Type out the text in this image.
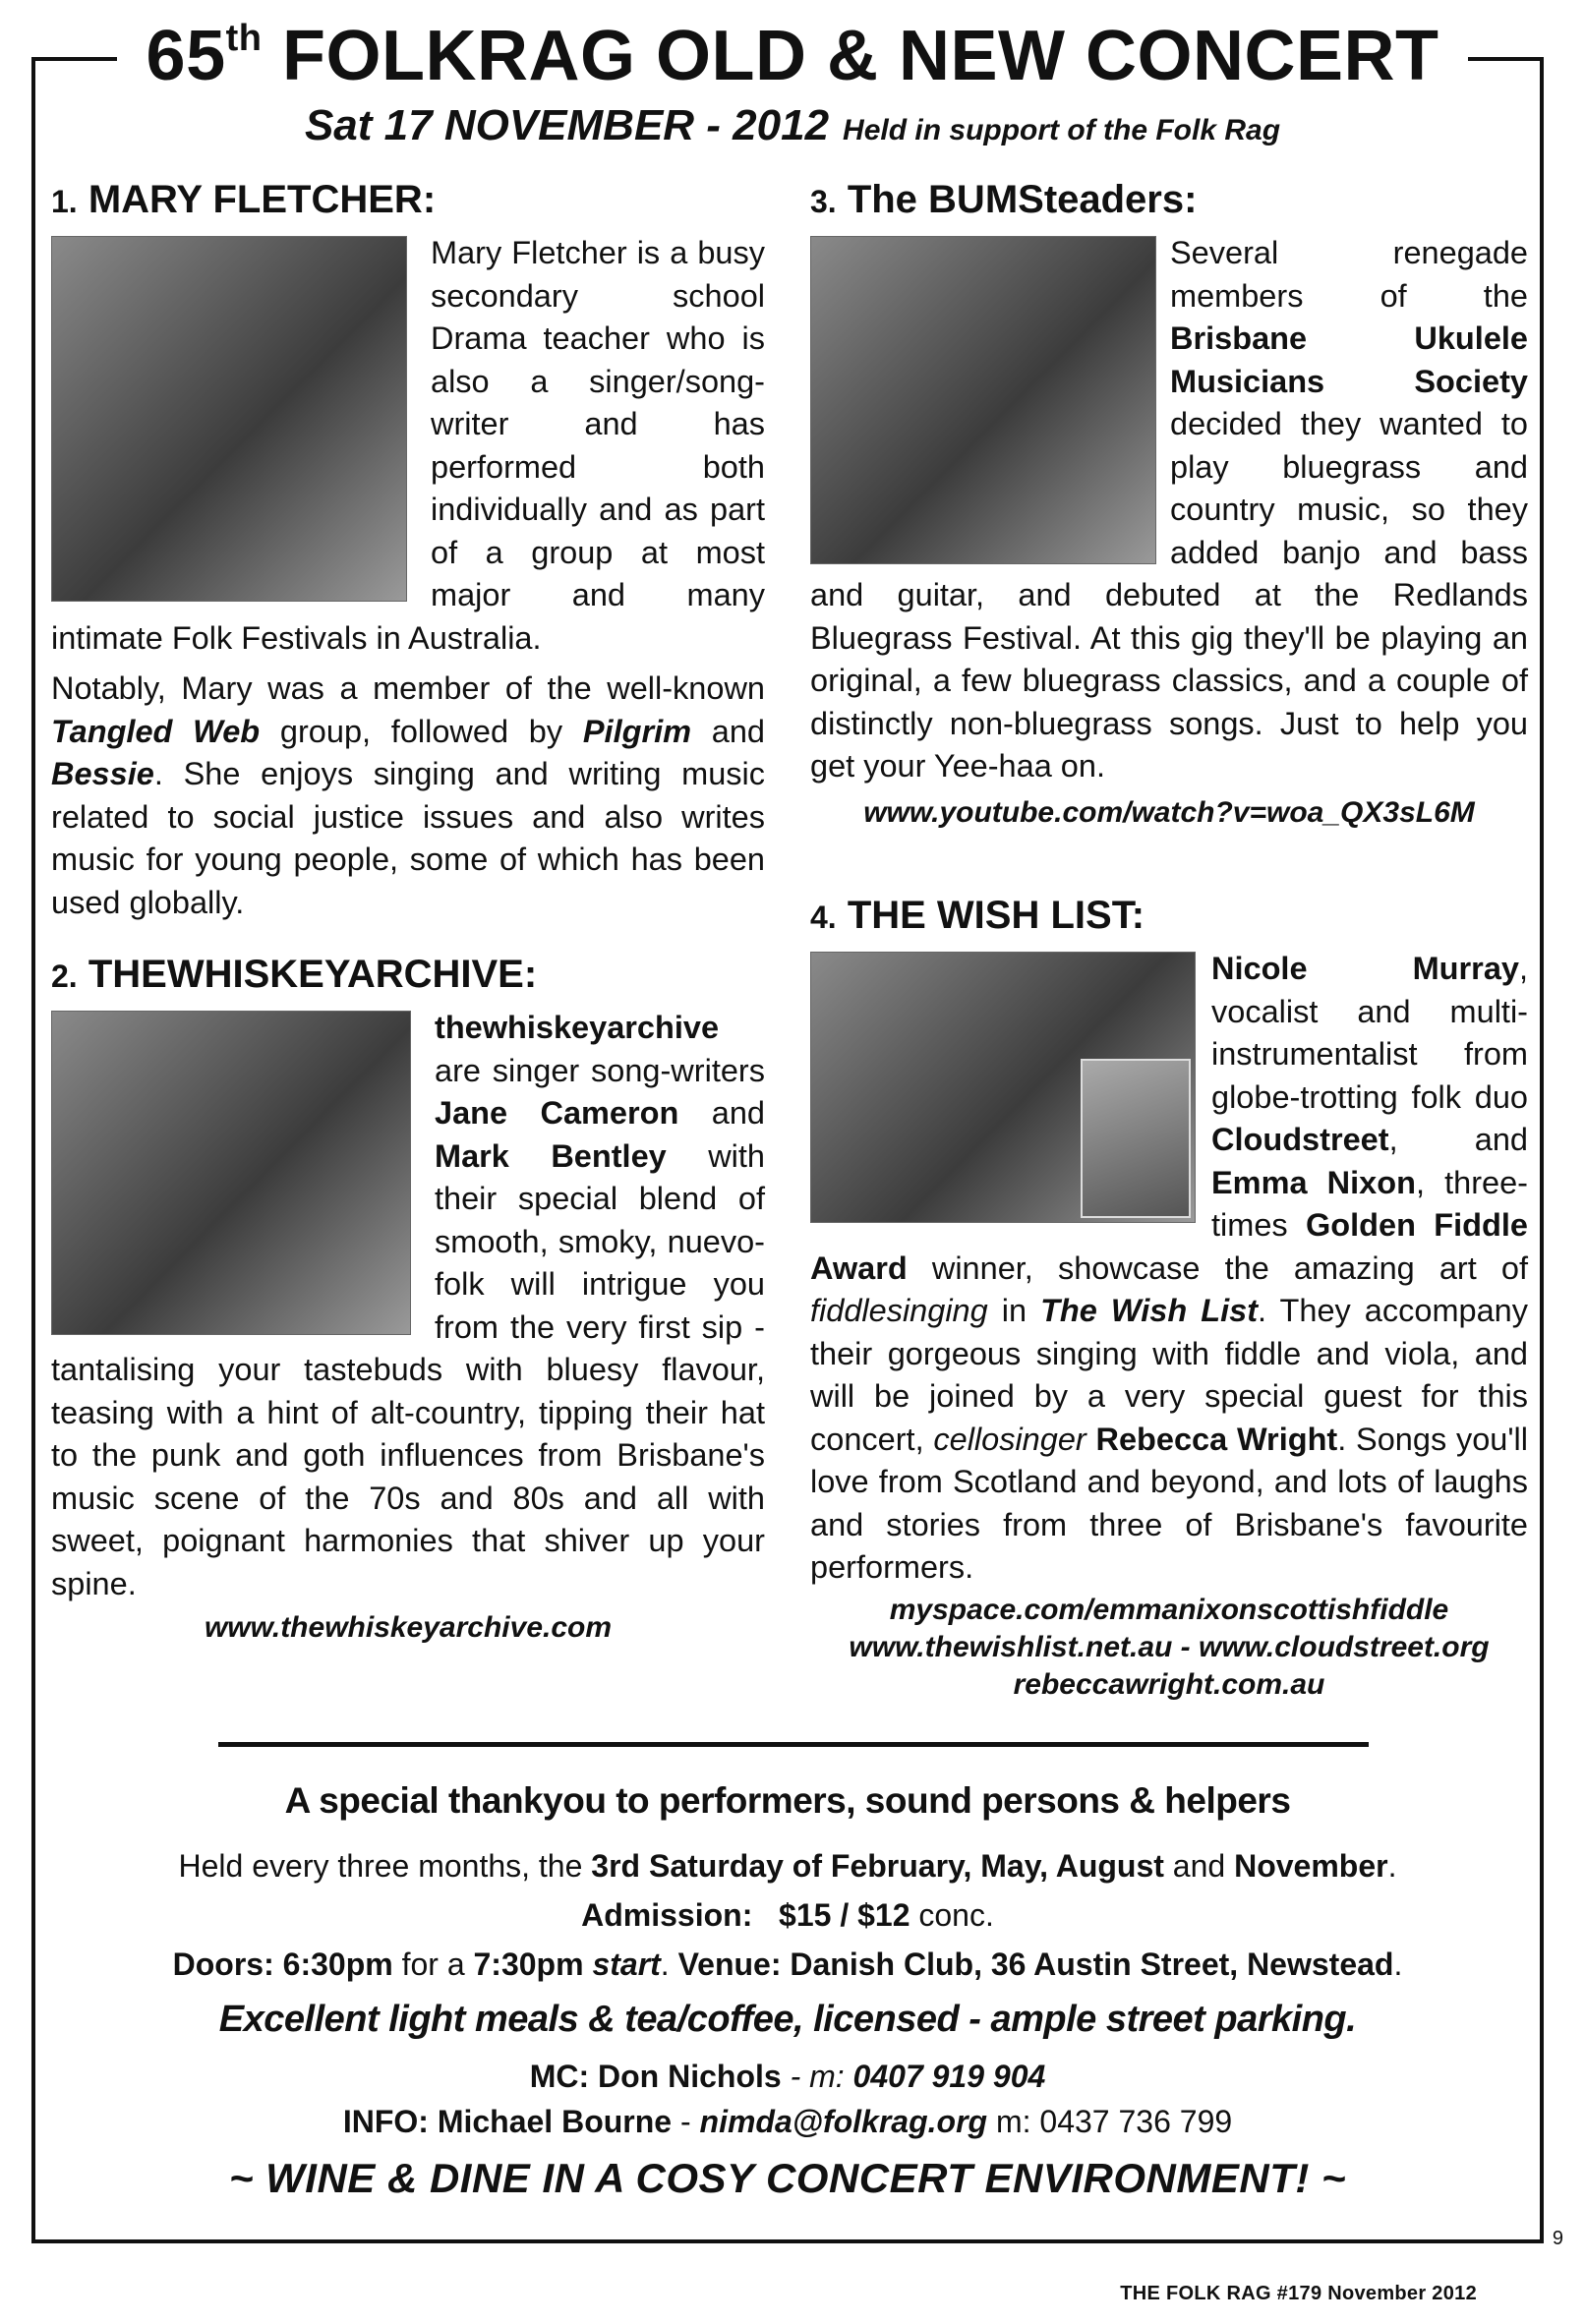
65th FOLKRAG OLD & NEW CONCERT
Sat 17 NOVEMBER - 2012 Held in support of the Folk Rag
1. MARY FLETCHER:

Mary Fletcher is a busy secondary school Drama teacher who is also a singer/song-writer and has performed both individually and as part of a group at most major and many intimate Folk Festivals in Australia.

Notably, Mary was a member of the well-known Tangled Web group, followed by Pilgrim and Bessie. She enjoys singing and writing music related to social justice issues and also writes music for young people, some of which has been used globally.

2. THEWHISKEYARCHIVE:

thewhiskeyarchive are singer song-writers Jane Cameron and Mark Bentley with their special blend of smooth, smoky, nuevo-folk will intrigue you from the very first sip - tantalising your tastebuds with bluesy flavour, teasing with a hint of alt-country, tipping their hat to the punk and goth influences from Brisbane's music scene of the 70s and 80s and all with sweet, poignant harmonies that shiver up your spine.

www.thewhiskeyarchive.com
3. The BUMSteaders:

Several renegade members of the Brisbane Ukulele Musicians Society decided they wanted to play bluegrass and country music, so they added banjo and bass and guitar, and debuted at the Redlands Bluegrass Festival. At this gig they'll be playing an original, a few bluegrass classics, and a couple of distinctly non-bluegrass songs. Just to help you get your Yee-haa on.

www.youtube.com/watch?v=woa_QX3sL6M
4. THE WISH LIST:

Nicole Murray, vocalist and multi-instrumentalist from globe-trotting folk duo Cloudstreet, and Emma Nixon, three-times Golden Fiddle Award winner, showcase the amazing art of fiddlesinging in The Wish List. They accompany their gorgeous singing with fiddle and viola, and will be joined by a very special guest for this concert, cellosinger Rebecca Wright. Songs you'll love from Scotland and beyond, and lots of laughs and stories from three of Brisbane's favourite performers.

myspace.com/emmanixonscottishfiddle
www.thewishlist.net.au - www.cloudstreet.org
rebeccawright.com.au
A special thankyou to performers, sound persons & helpers
Held every three months, the 3rd Saturday of February, May, August and November.
Admission: $15 / $12 conc.
Doors: 6:30pm for a 7:30pm start. Venue: Danish Club, 36 Austin Street, Newstead.
Excellent light meals & tea/coffee, licensed - ample street parking.
MC: Don Nichols - m: 0407 919 904
INFO: Michael Bourne - nimda@folkrag.org m: 0437 736 799
~ WINE & DINE IN A COSY CONCERT ENVIRONMENT! ~
9
THE FOLK RAG #179 November 2012
